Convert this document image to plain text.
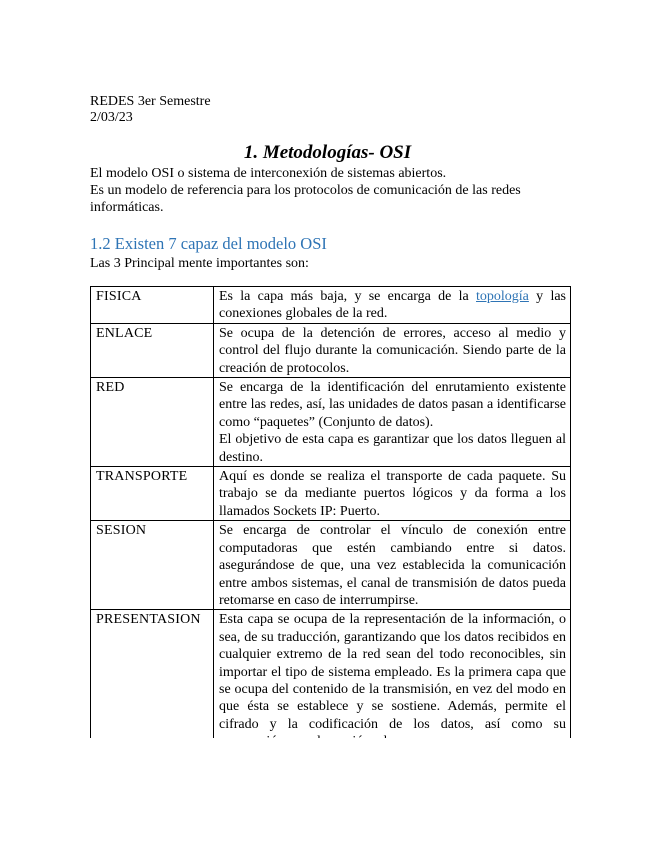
REDES 3er Semestre
2/03/23
1. Metodologías- OSI
El modelo OSI o sistema de interconexión de sistemas abiertos.
Es un modelo de referencia para los protocolos de comunicación de las redes informáticas.
1.2 Existen 7 capaz del modelo OSI
Las 3 Principal mente importantes son:
FISICA	Es la capa más baja, y se encarga de la topología y las conexiones globales de la red.
ENLACE	Se ocupa de la detención de errores, acceso al medio y control del flujo durante la comunicación. Siendo parte de la creación de protocolos.
RED	Se encarga de la identificación del enrutamiento existente entre las redes, así, las unidades de datos pasan a identificarse como “paquetes” (Conjunto de datos).
El objetivo de esta capa es garantizar que los datos lleguen al destino.

TRANSPORTE	Aquí es donde se realiza el transporte de cada paquete. Su trabajo se da mediante puertos lógicos y da forma a los llamados Sockets IP: Puerto.
SESION	Se encarga de controlar el vínculo de conexión entre computadoras que estén cambiando entre si datos. asegurándose de que, una vez establecida la comunicación entre ambos sistemas, el canal de transmisión de datos pueda retomarse en caso de interrumpirse.
PRESENTASION	Esta capa se ocupa de la representación de la información, o sea, de su traducción, garantizando que los datos recibidos en cualquier extremo de la red sean del todo reconocibles, sin importar el tipo de sistema empleado. Es la primera capa que se ocupa del contenido de la transmisión, en vez del modo en que ésta se establece y se sostiene. Además, permite el cifrado y la codificación de los datos, así como su
